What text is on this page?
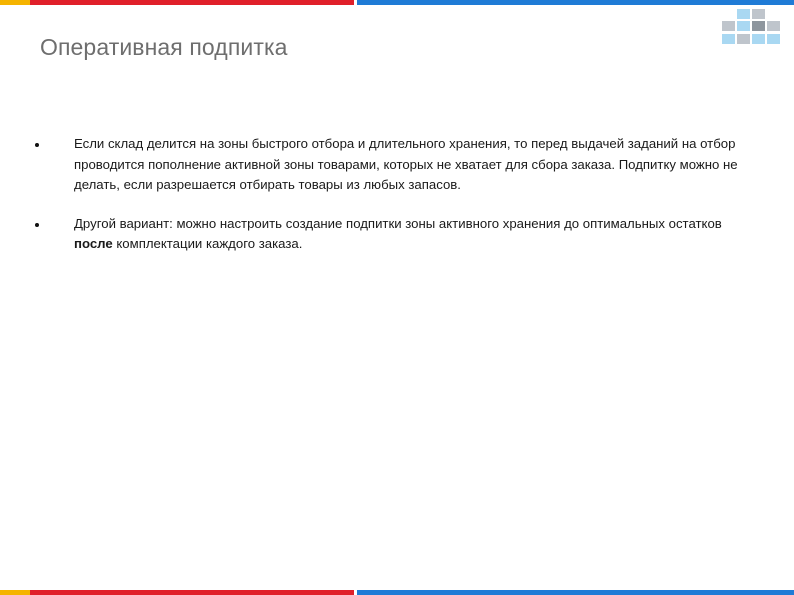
Оперативная подпитка
Если склад делится на зоны быстрого отбора и длительного хранения, то перед выдачей заданий на отбор проводится пополнение активной зоны товарами, которых не хватает для сбора заказа. Подпитку можно не делать, если разрешается отбирать товары из любых запасов.
Другой вариант: можно настроить создание подпитки зоны активного хранения до оптимальных остатков после комплектации каждого заказа.
